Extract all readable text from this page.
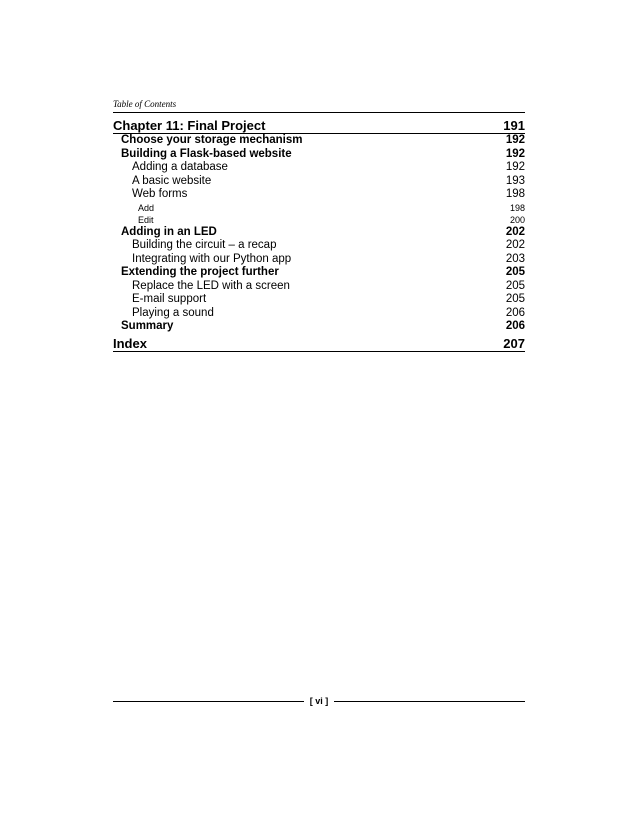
Table of Contents
Chapter 11: Final Project	191
Choose your storage mechanism	192
Building a Flask-based website	192
Adding a database	192
A basic website	193
Web forms	198
Add	198
Edit	200
Adding in an LED	202
Building the circuit – a recap	202
Integrating with our Python app	203
Extending the project further	205
Replace the LED with a screen	205
E-mail support	205
Playing a sound	206
Summary	206
Index	207
[ vi ]
